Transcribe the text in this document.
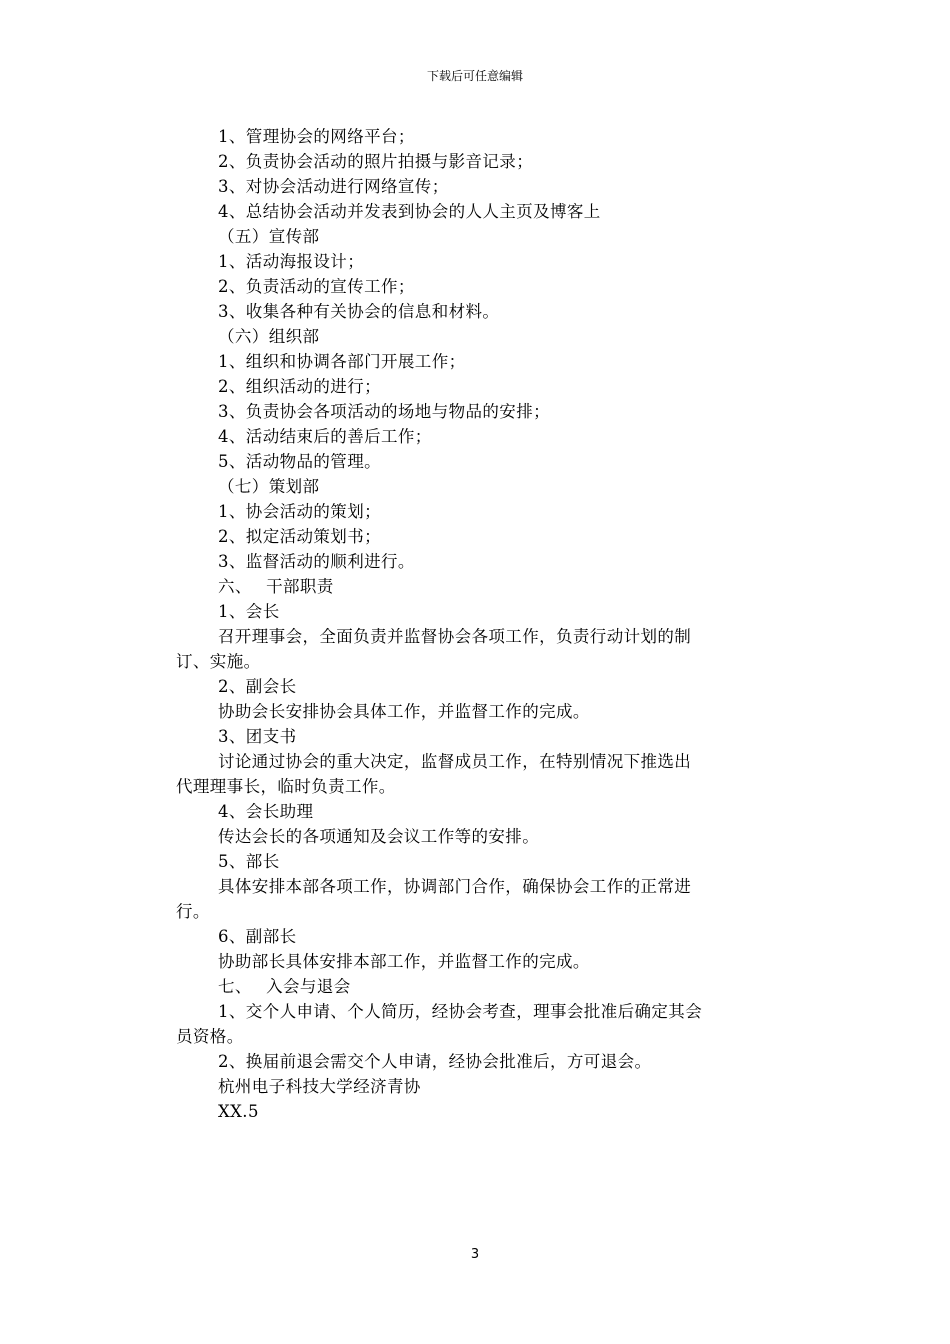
下载后可任意编辑

1、管理协会的网络平台；

2、负责协会活动的照片拍摄与影音记录；

3、对协会活动进行网络宣传；

4、总结协会活动并发表到协会的人人主页及博客上

（五）宣传部

1、活动海报设计；

2、负责活动的宣传工作；

3、收集各种有关协会的信息和材料。

（六）组织部

1、组织和协调各部门开展工作；

2、组织活动的进行；

3、负责协会各项活动的场地与物品的安排；

4、活动结束后的善后工作；

5、活动物品的管理。

（七）策划部

1、协会活动的策划；

2、拟定活动策划书；

3、监督活动的顺利进行。

六、　 干部职责

1、会长

召开理事会，全面负责并监督协会各项工作，负责行动计划的制

订、实施。

2、副会长

协助会长安排协会具体工作，并监督工作的完成。

3、团支书

讨论通过协会的重大决定，监督成员工作，在特别情况下推选出

代理理事长，临时负责工作。

4、会长助理

传达会长的各项通知及会议工作等的安排。

5、部长

具体安排本部各项工作，协调部门合作，确保协会工作的正常进

行。

6、副部长

协助部长具体安排本部工作，并监督工作的完成。

七、　 入会与退会

1、交个人申请、个人简历，经协会考查，理事会批准后确定其会

员资格。

2、换届前退会需交个人申请，经协会批准后，方可退会。

杭州电子科技大学经济青协

XX.5

3
